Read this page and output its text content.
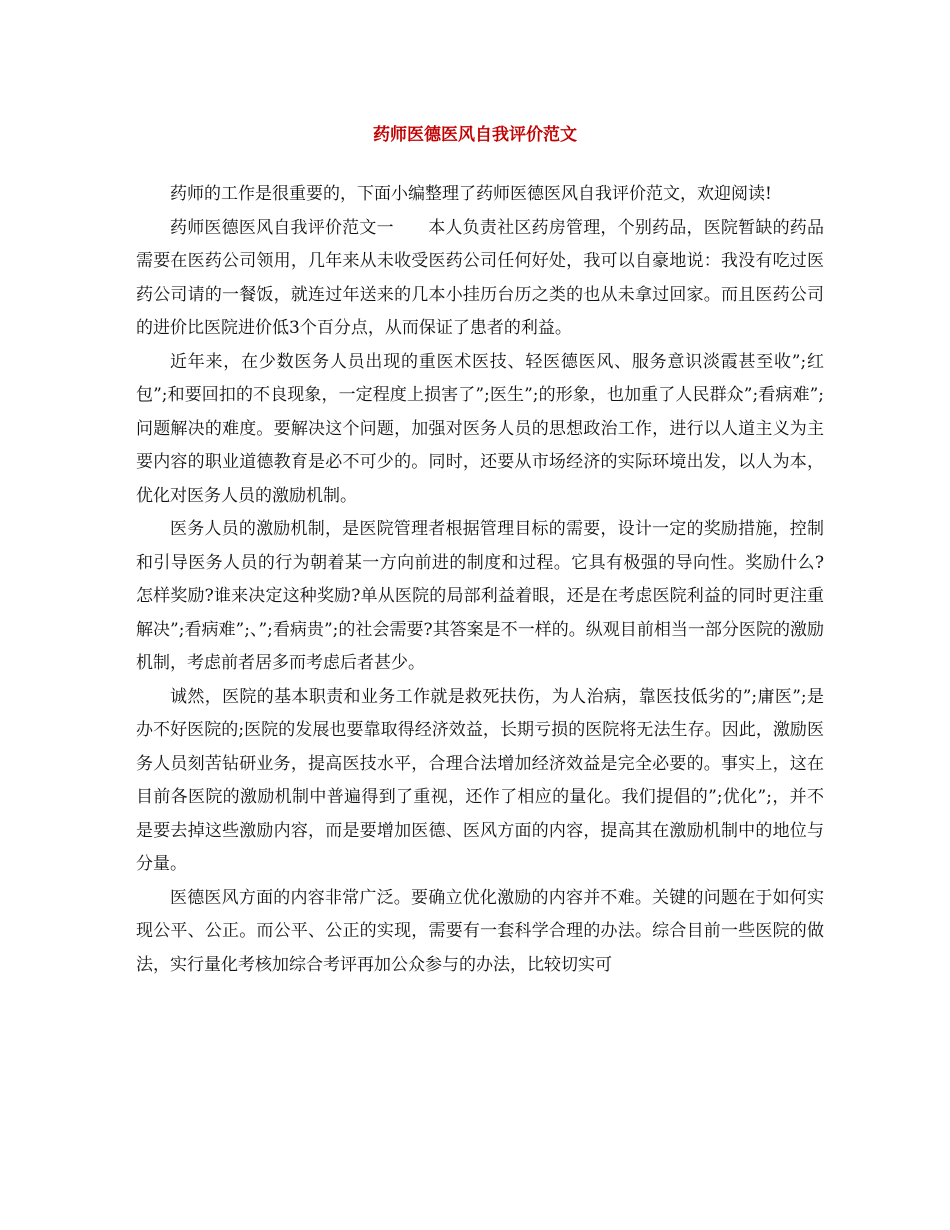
药师医德医风自我评价范文

药师的工作是很重要的，下面小编整理了药师医德医风自我评价范文，欢迎阅读!

药师医德医风自我评价范文一　　本人负责社区药房管理，个别药品，医院暂缺的药品需要在医药公司领用，几年来从未收受医药公司任何好处，我可以自豪地说：我没有吃过医药公司请的一餐饭，就连过年送来的几本小挂历台历之类的也从未拿过回家。而且医药公司的进价比医院进价低3个百分点，从而保证了患者的利益。

近年来，在少数医务人员出现的重医术医技、轻医德医风、服务意识淡霞甚至收”;红包”;和要回扣的不良现象，一定程度上损害了”;医生”;的形象，也加重了人民群众”;看病难”;问题解决的难度。要解决这个问题，加强对医务人员的思想政治工作，进行以人道主义为主要内容的职业道德教育是必不可少的。同时，还要从市场经济的实际环境出发，以人为本，优化对医务人员的激励机制。

医务人员的激励机制，是医院管理者根据管理目标的需要，设计一定的奖励措施，控制和引导医务人员的行为朝着某一方向前进的制度和过程。它具有极强的导向性。奖励什么?怎样奖励?谁来决定这种奖励?单从医院的局部利益着眼，还是在考虑医院利益的同时更注重解决”;看病难”;、”;看病贵”;的社会需要?其答案是不一样的。纵观目前相当一部分医院的激励机制，考虑前者居多而考虑后者甚少。

诚然，医院的基本职责和业务工作就是救死扶伤，为人治病，靠医技低劣的”;庸医”;是办不好医院的;医院的发展也要靠取得经济效益，长期亏损的医院将无法生存。因此，激励医务人员刻苦钻研业务，提高医技水平，合理合法增加经济效益是完全必要的。事实上，这在目前各医院的激励机制中普遍得到了重视，还作了相应的量化。我们提倡的”;优化”;，并不是要去掉这些激励内容，而是要增加医德、医风方面的内容，提高其在激励机制中的地位与分量。

医德医风方面的内容非常广泛。要确立优化激励的内容并不难。关键的问题在于如何实现公平、公正。而公平、公正的实现，需要有一套科学合理的办法。综合目前一些医院的做法，实行量化考核加综合考评再加公众参与的办法，比较切实可
